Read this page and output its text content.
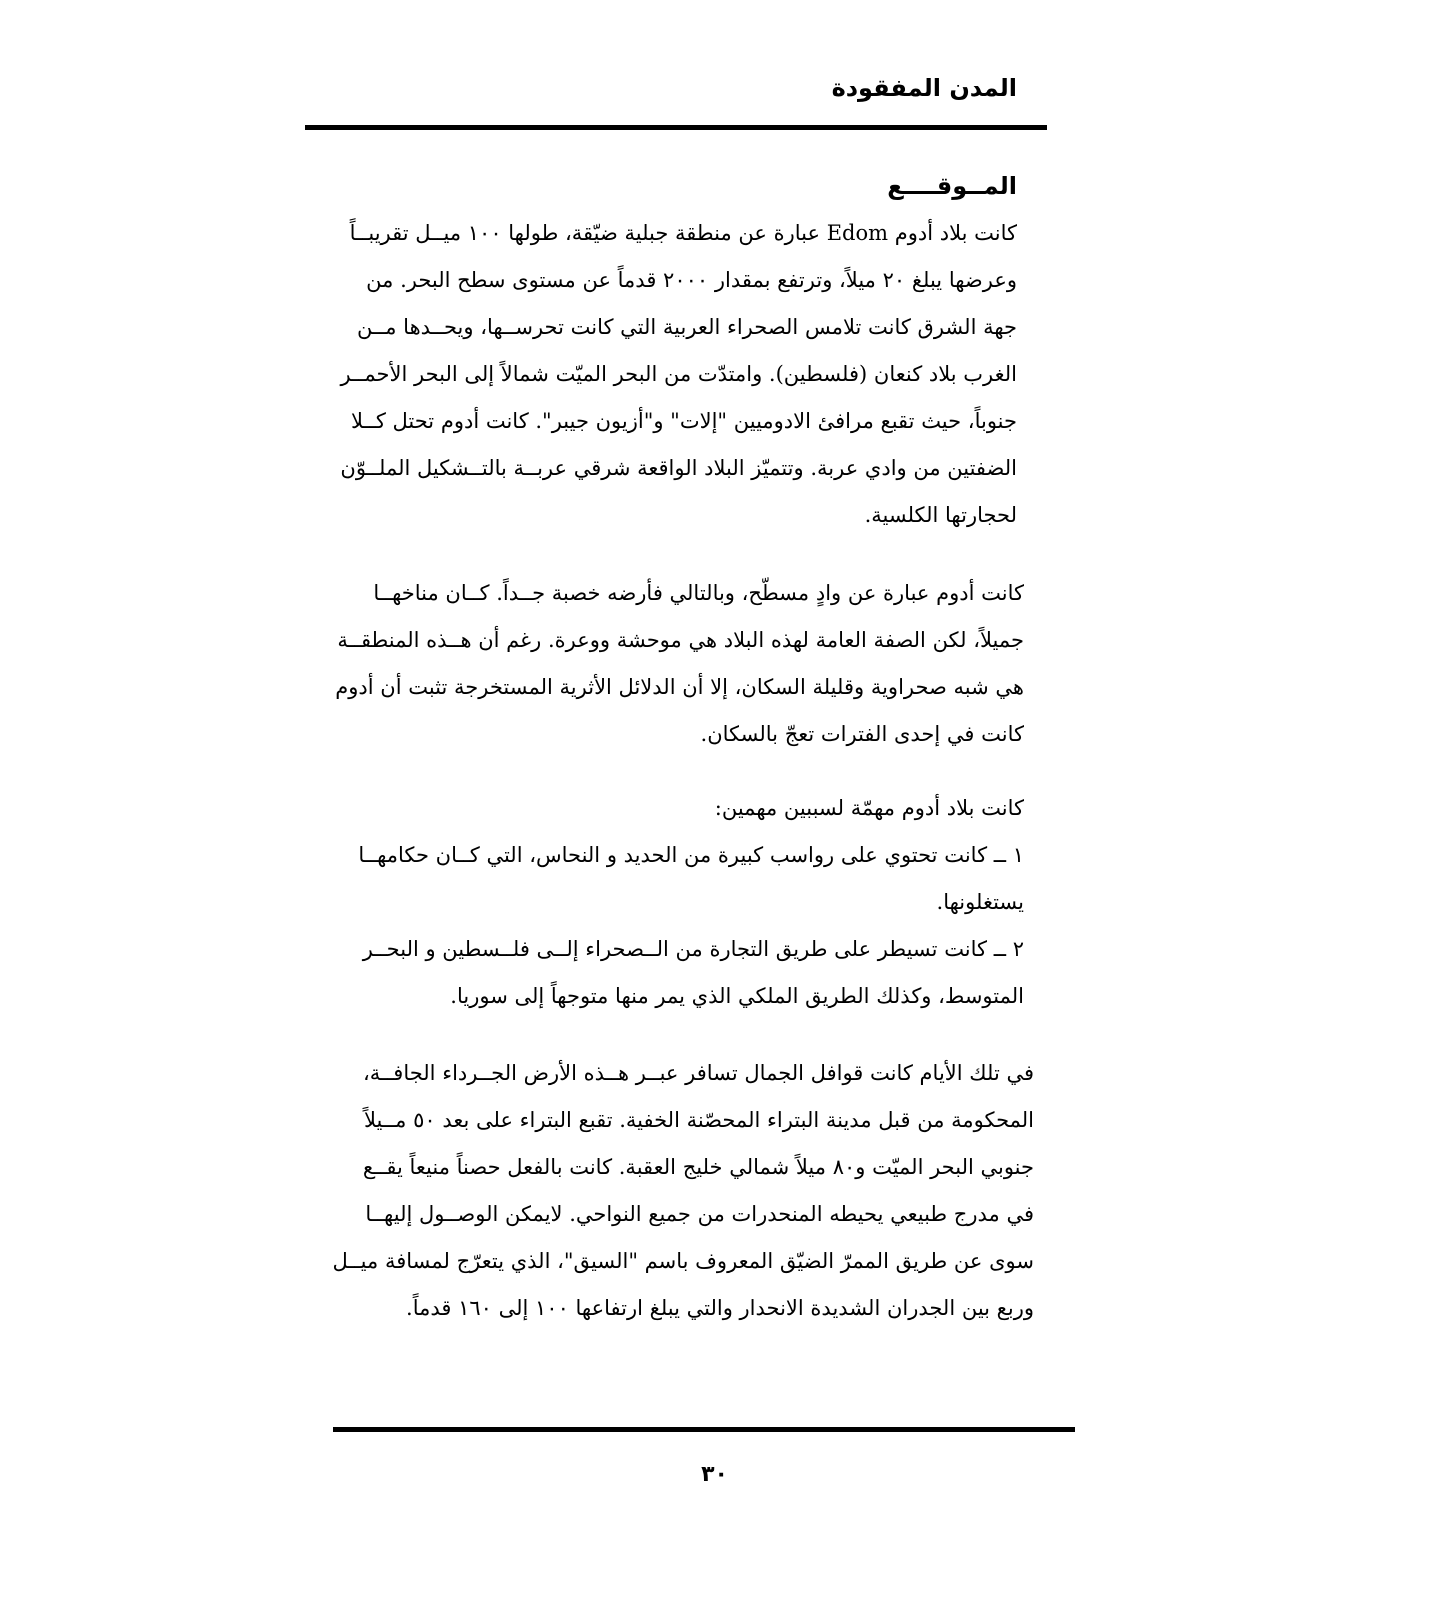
المدن المفقودة
المــوقــــع

كانت بلاد أدوم Edom عبارة عن منطقة جبلية ضيّقة، طولها ١٠٠ ميــل تقريبــاً
وعرضها يبلغ ٢٠ ميلاً، وترتفع بمقدار ٢٠٠٠ قدماً عن مستوى سطح البحر. من
جهة الشرق كانت تلامس الصحراء العربية التي كانت تحرســها، ويحــدها مــن
الغرب بلاد كنعان (فلسطين). وامتدّت من البحر الميّت شمالاً إلى البحر الأحمــر
جنوباً، حيث تقبع مرافئ الادوميين "إلات" و"أزيون جيبر". كانت أدوم تحتل كــلا
الضفتين من وادي عربة. وتتميّز البلاد الواقعة شرقي عربــة بالتــشكيل الملــوّن
لحجارتها الكلسية.

كانت أدوم عبارة عن وادٍ مسطّح، وبالتالي فأرضه خصبة جــداً. كــان مناخهــا
جميلاً، لكن الصفة العامة لهذه البلاد هي موحشة ووعرة. رغم أن هــذه المنطقــة
هي شبه صحراوية وقليلة السكان، إلا أن الدلائل الأثرية المستخرجة تثبت أن أدوم
كانت في إحدى الفترات تعجّ بالسكان.

كانت بلاد أدوم مهمّة لسببين مهمين:
١ ــ كانت تحتوي على رواسب كبيرة من الحديد و النحاس، التي كــان حكامهــا
يستغلونها.
٢ ــ كانت تسيطر على طريق التجارة من الــصحراء إلــى فلــسطين و البحــر
المتوسط، وكذلك الطريق الملكي الذي يمر منها متوجهاً إلى سوريا.

في تلك الأيام كانت قوافل الجمال تسافر عبــر هــذه الأرض الجــرداء الجافــة،
المحكومة من قبل مدينة البتراء المحصّنة الخفية. تقبع البتراء على بعد ٥٠ مــيلاً
جنوبي البحر الميّت و٨٠ ميلاً شمالي خليج العقبة. كانت بالفعل حصناً منيعاً يقــع
في مدرج طبيعي يحيطه المنحدرات من جميع النواحي. لايمكن الوصــول إليهــا
سوى عن طريق الممرّ الضيّق المعروف باسم "السيق"، الذي يتعرّج لمسافة ميــل
وربع بين الجدران الشديدة الانحدار والتي يبلغ ارتفاعها ١٠٠ إلى ١٦٠ قدماً.

٣٠
